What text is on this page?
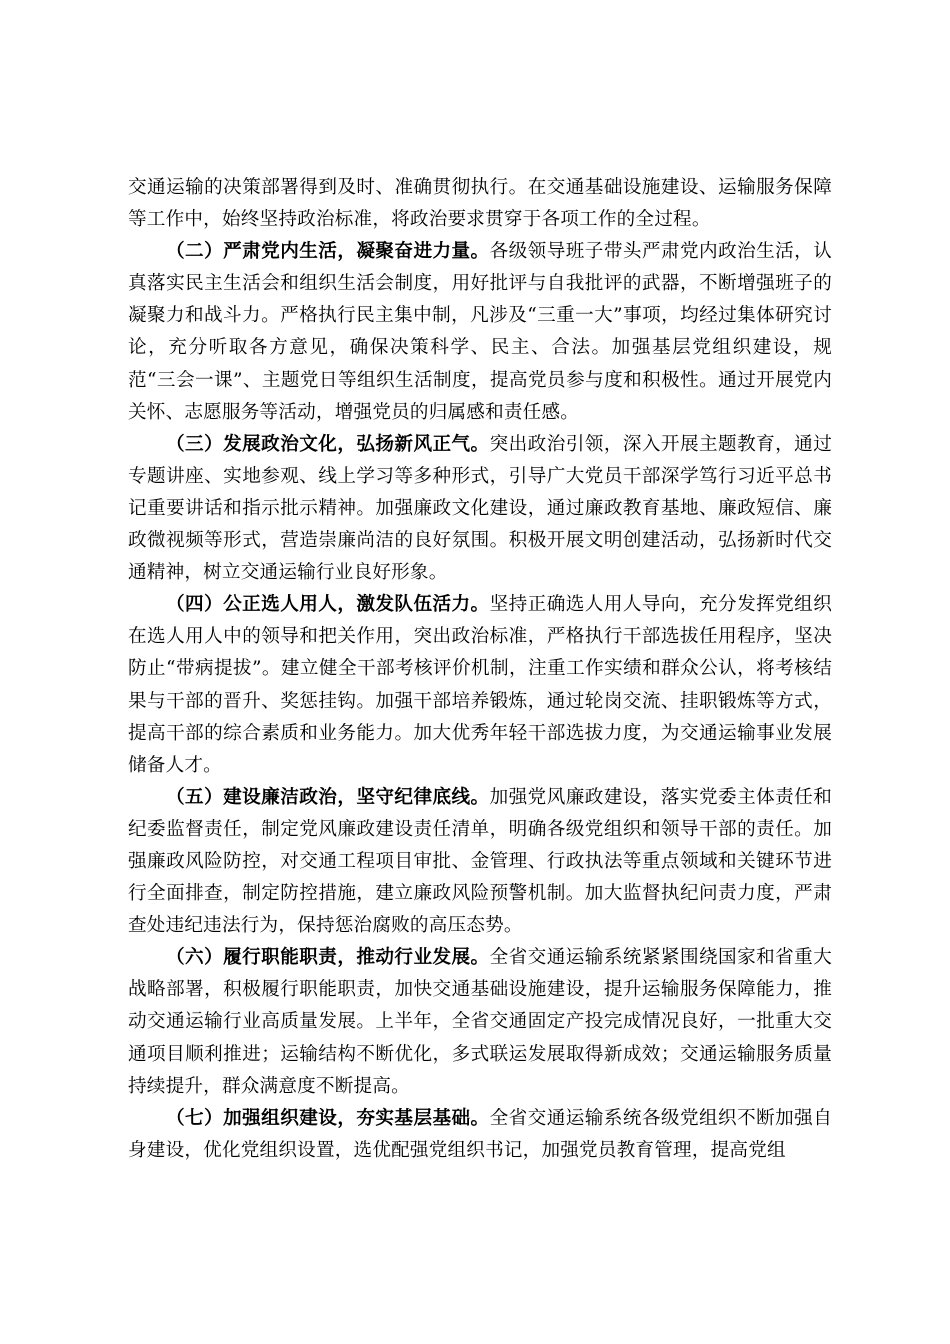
交通运输的决策部署得到及时、准确贯彻执行。在交通基础设施建设、运输服务保障等工作中，始终坚持政治标准，将政治要求贯穿于各项工作的全过程。

（二）严肃党内生活，凝聚奋进力量。各级领导班子带头严肃党内政治生活，认真落实民主生活会和组织生活会制度，用好批评与自我批评的武器，不断增强班子的凝聚力和战斗力。严格执行民主集中制，凡涉及“三重一大”事项，均经过集体研究讨论，充分听取各方意见，确保决策科学、民主、合法。加强基层党组织建设，规范“三会一课”、主题党日等组织生活制度，提高党员参与度和积极性。通过开展党内关怀、志愿服务等活动，增强党员的归属感和责任感。

（三）发展政治文化，弘扬新风正气。突出政治引领，深入开展主题教育，通过专题讲座、实地参观、线上学习等多种形式，引导广大党员干部深学笃行习近平总书记重要讲话和指示批示精神。加强廉政文化建设，通过廉政教育基地、廉政短信、廉政微视频等形式，营造崇廉尚洁的良好氛围。积极开展文明创建活动，弘扬新时代交通精神，树立交通运输行业良好形象。

（四）公正选人用人，激发队伍活力。坚持正确选人用人导向，充分发挥党组织在选人用人中的领导和把关作用，突出政治标准，严格执行干部选拔任用程序，坚决防止“带病提拔”。建立健全干部考核评价机制，注重工作实绩和群众公认，将考核结果与干部的晋升、奖惩挂钩。加强干部培养锻炼，通过轮岗交流、挂职锻炼等方式，提高干部的综合素质和业务能力。加大优秀年轻干部选拔力度，为交通运输事业发展储备人才。

（五）建设廉洁政治，坚守纪律底线。加强党风廉政建设，落实党委主体责任和纪委监督责任，制定党风廉政建设责任清单，明确各级党组织和领导干部的责任。加强廉政风险防控，对交通工程项目审批、金管理、行政执法等重点领域和关键环节进行全面排查，制定防控措施，建立廉政风险预警机制。加大监督执纪问责力度，严肃查处违纪违法行为，保持惩治腐败的高压态势。

（六）履行职能职责，推动行业发展。全省交通运输系统紧紧围绕国家和省重大战略部署，积极履行职能职责，加快交通基础设施建设，提升运输服务保障能力，推动交通运输行业高质量发展。上半年，全省交通固定产投完成情况良好，一批重大交通项目顺利推进；运输结构不断优化，多式联运发展取得新成效；交通运输服务质量持续提升，群众满意度不断提高。

（七）加强组织建设，夯实基层基础。全省交通运输系统各级党组织不断加强自身建设，优化党组织设置，选优配强党组织书记，加强党员教育管理，提高党组
